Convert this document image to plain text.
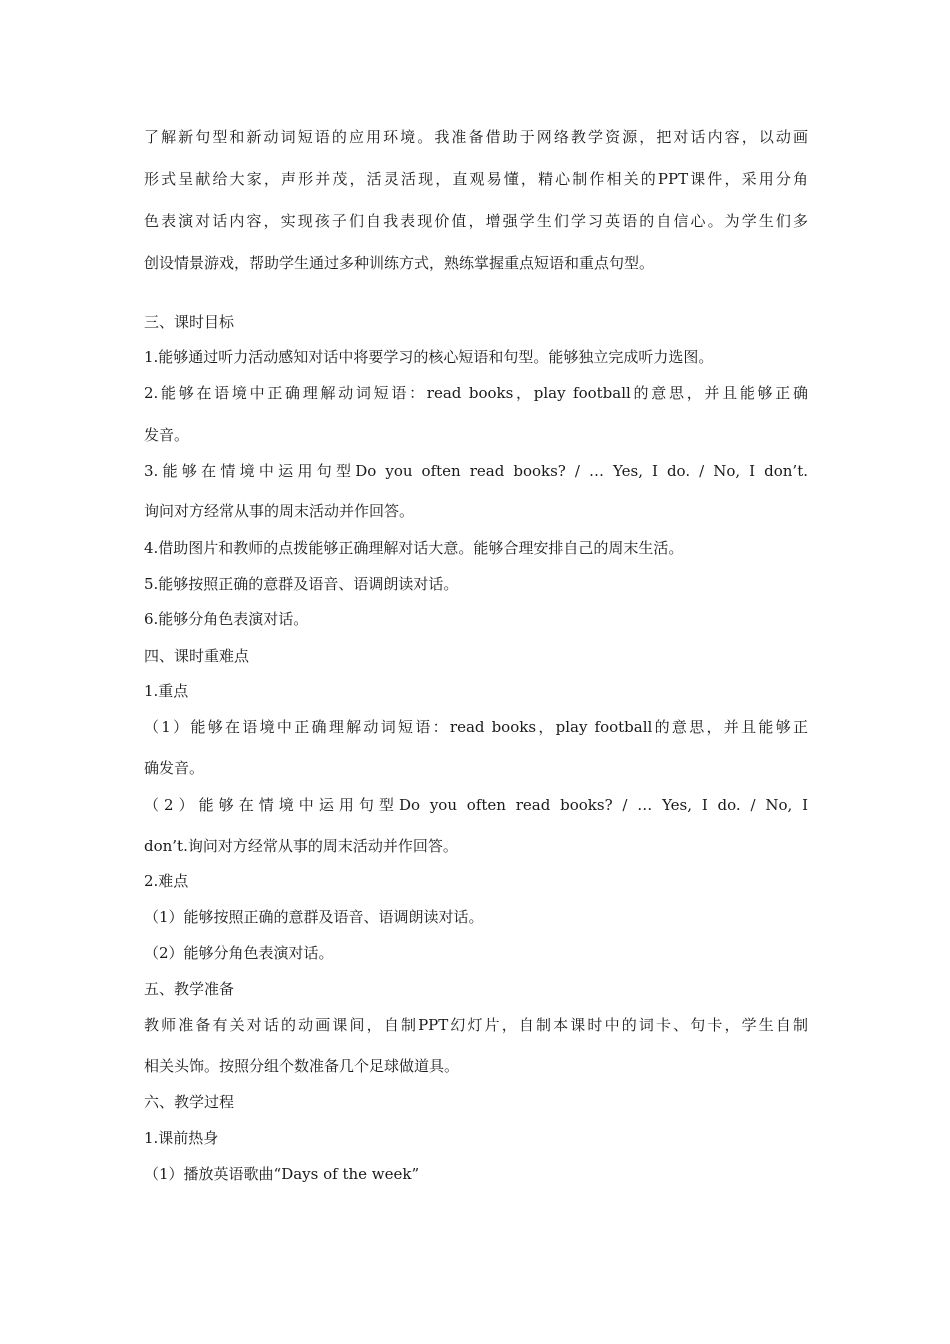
了解新句型和新动词短语的应用环境。我准备借助于网络教学资源，把对话内容，以动画
形式呈献给大家，声形并茂，活灵活现，直观易懂，精心制作相关的PPT课件，采用分角
色表演对话内容，实现孩子们自我表现价值，增强学生们学习英语的自信心。为学生们多
创设情景游戏，帮助学生通过多种训练方式，熟练掌握重点短语和重点句型。
三、课时目标
1.能够通过听力活动感知对话中将要学习的核心短语和句型。能够独立完成听力选图。
2.能够在语境中正确理解动词短语：read books，play football的意思，并且能够正确
发音。
3.能够在情境中运用句型Do you often read books? / … Yes, I do. / No, I don’t.
询问对方经常从事的周末活动并作回答。
4.借助图片和教师的点拨能够正确理解对话大意。能够合理安排自己的周末生活。
5.能够按照正确的意群及语音、语调朗读对话。
6.能够分角色表演对话。
四、课时重难点
1.重点
（1）能够在语境中正确理解动词短语：read books，play football的意思，并且能够正
确发音。
（2）能够在情境中运用句型Do you often read books? / … Yes, I do. / No, I
don’t.询问对方经常从事的周末活动并作回答。
2.难点
（1）能够按照正确的意群及语音、语调朗读对话。
（2）能够分角色表演对话。
五、教学准备
教师准备有关对话的动画课间，自制PPT幻灯片，自制本课时中的词卡、句卡，学生自制
相关头饰。按照分组个数准备几个足球做道具。
六、教学过程
1.课前热身
（1）播放英语歌曲“Days of the week”
